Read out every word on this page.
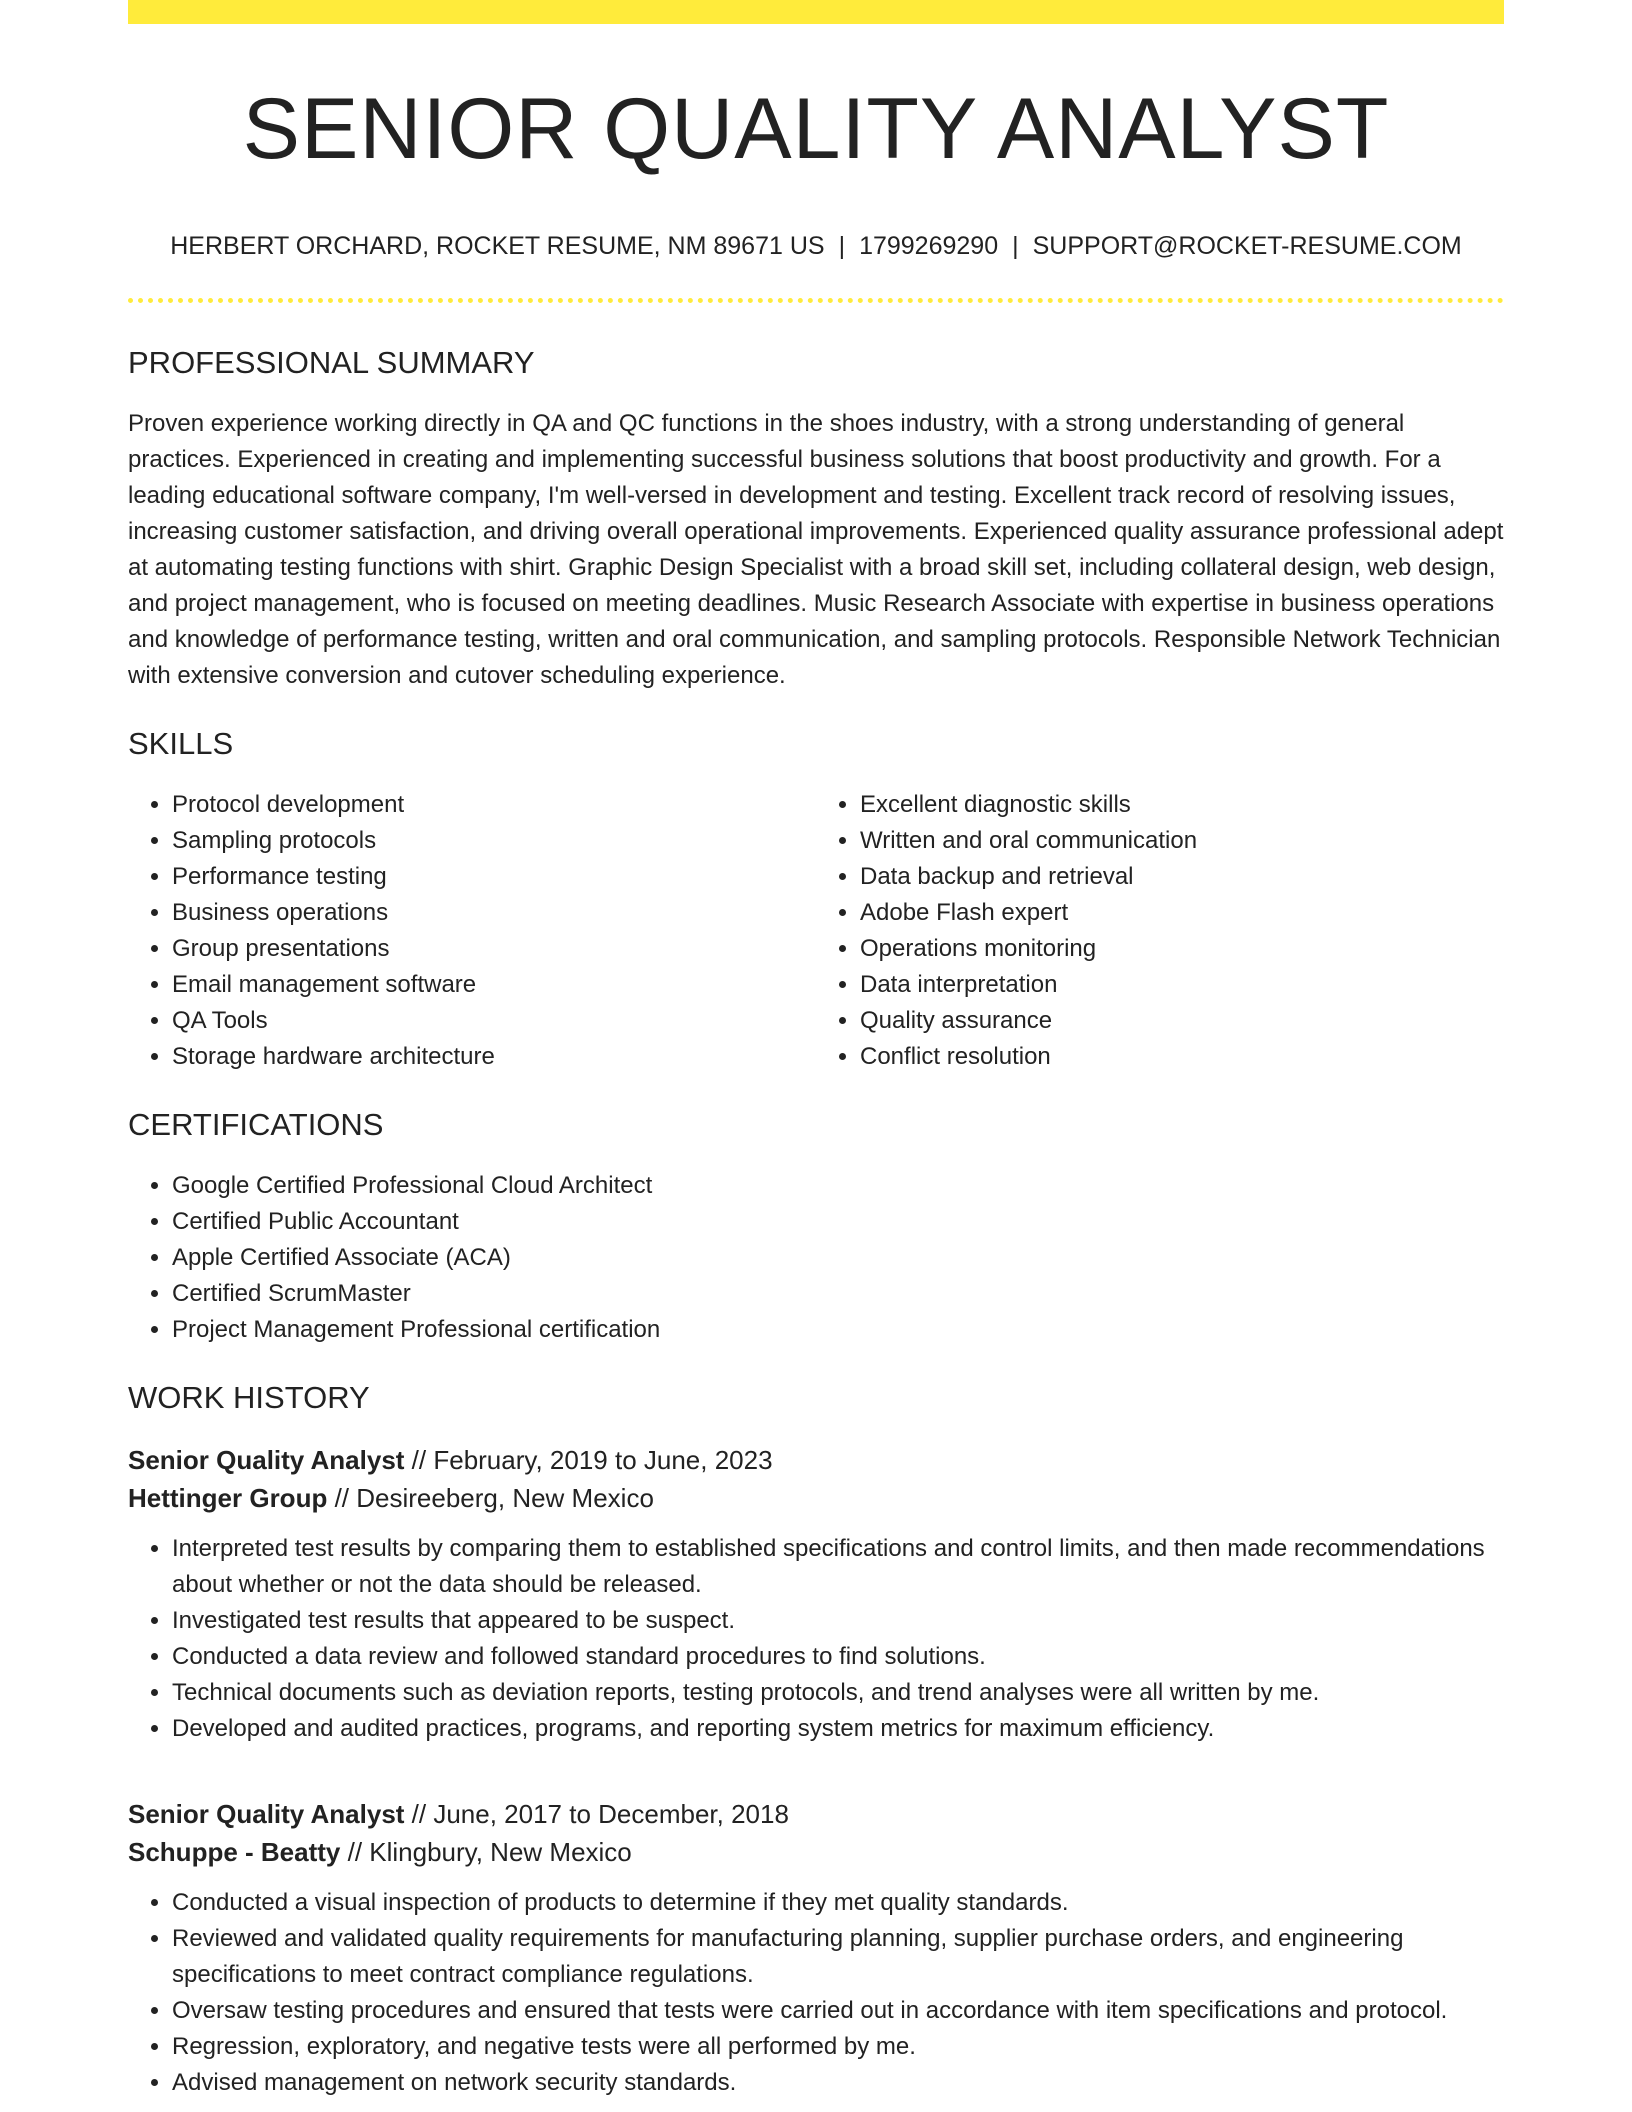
SENIOR QUALITY ANALYST
HERBERT ORCHARD, ROCKET RESUME, NM 89671 US | 1799269290 | SUPPORT@ROCKET-RESUME.COM
PROFESSIONAL SUMMARY

Proven experience working directly in QA and QC functions in the shoes industry, with a strong understanding of general practices. Experienced in creating and implementing successful business solutions that boost productivity and growth. For a leading educational software company, I'm well-versed in development and testing. Excellent track record of resolving issues, increasing customer satisfaction, and driving overall operational improvements. Experienced quality assurance professional adept at automating testing functions with shirt. Graphic Design Specialist with a broad skill set, including collateral design, web design, and project management, who is focused on meeting deadlines. Music Research Associate with expertise in business operations and knowledge of performance testing, written and oral communication, and sampling protocols. Responsible Network Technician with extensive conversion and cutover scheduling experience.

SKILLS
• Protocol development
• Sampling protocols
• Performance testing
• Business operations
• Group presentations
• Email management software
• QA Tools
• Storage hardware architecture
• Excellent diagnostic skills
• Written and oral communication
• Data backup and retrieval
• Adobe Flash expert
• Operations monitoring
• Data interpretation
• Quality assurance
• Conflict resolution
CERTIFICATIONS
• Google Certified Professional Cloud Architect
• Certified Public Accountant
• Apple Certified Associate (ACA)
• Certified ScrumMaster
• Project Management Professional certification
WORK HISTORY
Senior Quality Analyst // February, 2019 to June, 2023
Hettinger Group // Desireeberg, New Mexico
• Interpreted test results by comparing them to established specifications and control limits, and then made recommendations about whether or not the data should be released.
• Investigated test results that appeared to be suspect.
• Conducted a data review and followed standard procedures to find solutions.
• Technical documents such as deviation reports, testing protocols, and trend analyses were all written by me.
• Developed and audited practices, programs, and reporting system metrics for maximum efficiency.
Senior Quality Analyst // June, 2017 to December, 2018
Schuppe - Beatty // Klingbury, New Mexico
• Conducted a visual inspection of products to determine if they met quality standards.
• Reviewed and validated quality requirements for manufacturing planning, supplier purchase orders, and engineering specifications to meet contract compliance regulations.
• Oversaw testing procedures and ensured that tests were carried out in accordance with item specifications and protocol.
• Regression, exploratory, and negative tests were all performed by me.
• Advised management on network security standards.
